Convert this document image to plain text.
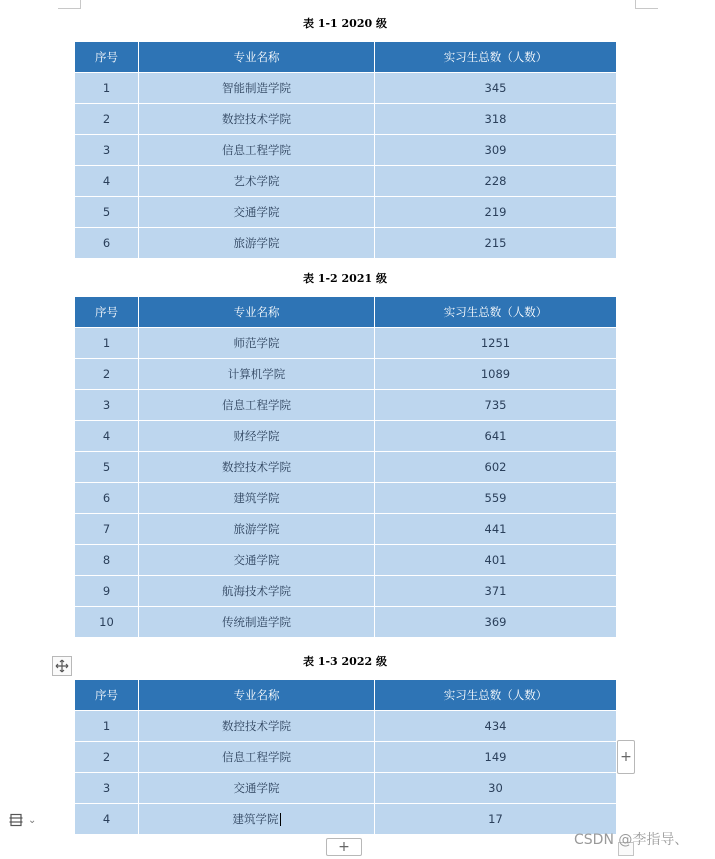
表 1-1 2020 级
序号	专业名称	实习生总数（人数）
1	智能制造学院	345
2	数控技术学院	318
3	信息工程学院	309
4	艺术学院	228
5	交通学院	219
6	旅游学院	215
表 1-2 2021 级
序号	专业名称	实习生总数（人数）
1	师范学院	1251
2	计算机学院	1089
3	信息工程学院	735
4	财经学院	641
5	数控技术学院	602
6	建筑学院	559
7	旅游学院	441
8	交通学院	401
9	航海技术学院	371
10	传统制造学院	369
表 1-3 2022 级
序号	专业名称	实习生总数（人数）
1	数控技术学院	434
2	信息工程学院	149
3	交通学院	30
4	建筑学院	17
+
+
⌄
CSDN @李指导、
